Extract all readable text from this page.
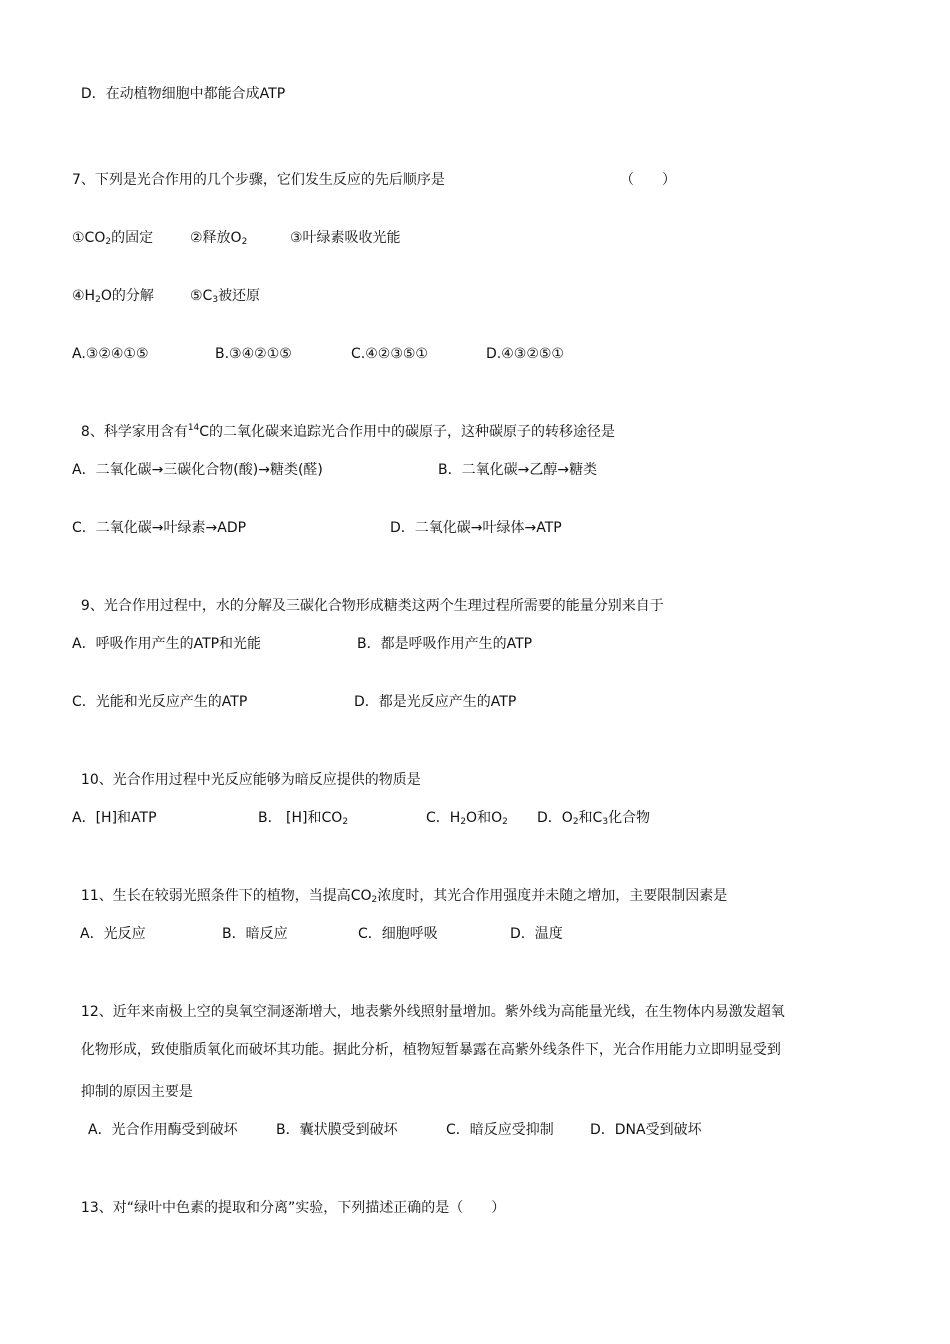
D．在动植物细胞中都能合成ATP

7、下列是光合作用的几个步骤，它们发生反应的先后顺序是

	（　　）

$①CO_2$的固定

	②释放$O_2$

	③叶绿素吸收光能

$④H_2O$的分解

	$⑤C_3$被还原

A.③②④①⑤

	B.③④②①⑤

	C.④②③⑤①

	D.④③②⑤①

8、科学家用含有$^{14}$C的二氧化碳来追踪光合作用中的碳原子，这种碳原子的转移途径是

A．二氧化碳→三碳化合物(酸)→糖类(醛)

	B．二氧化碳→乙醇→糖类

C．二氧化碳→叶绿素→ADP

	D．二氧化碳→叶绿体→ATP

9、光合作用过程中，水的分解及三碳化合物形成糖类这两个生理过程所需要的能量分别来自于

A．呼吸作用产生的ATP和光能

	B．都是呼吸作用产生的ATP

C．光能和光反应产生的ATP

	D．都是光反应产生的ATP

10、光合作用过程中光反应能够为暗反应提供的物质是

A．[H]和ATP

	B． [H]和$CO_2$

	C．$H_2O$和$O_2$

D．$O_2$和$C_3$化合物

11、生长在较弱光照条件下的植物，当提高$CO_2$浓度时，其光合作用强度并未随之增加，主要限制因素是

A．光反应

	B．暗反应

	C．细胞呼吸

	D．温度

12、近年来南极上空的臭氧空洞逐渐增大，地表紫外线照射量增加。紫外线为高能量光线，在生物体内易激发超氧

化物形成，致使脂质氧化而破坏其功能。据此分析，植物短暂暴露在高紫外线条件下，光合作用能力立即明显受到

抑制的原因主要是

A．光合作用酶受到破坏

	B．囊状膜受到破坏

	C．暗反应受抑制

	D．DNA受到破坏

13、对“绿叶中色素的提取和分离”实验，下列描述正确的是（　　）
